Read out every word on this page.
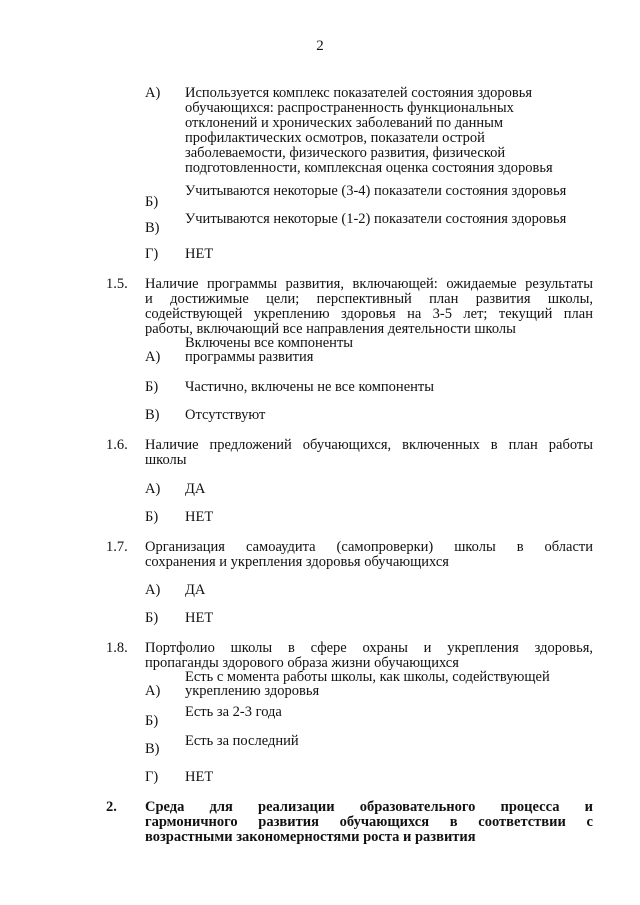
2
А) Используется комплекс показателей состояния здоровья
обучающихся: распространенность функциональных
отклонений и хронических заболеваний по данным
профилактических осмотров, показатели острой
заболеваемости, физического развития, физической
подготовленности, комплексная оценка состояния здоровья
Б)
Учитываются некоторые (3-4) показатели состояния здоровья
В)
Учитываются некоторые (1-2) показатели состояния здоровья
Г) НЕТ
1.5. Наличие программы развития, включающей: ожидаемые результаты
и достижимые цели; перспективный план развития школы,
содействующей укреплению здоровья на 3-5 лет; текущий план
работы, включающий все направления деятельности школы
Включены все компоненты
А) программы развития
Б) Частично, включены не все компоненты
В) Отсутствуют
1.6. Наличие предложений обучающихся, включенных в план работы
школы
А) ДА
Б) НЕТ
1.7. Организация самоаудита (самопроверки) школы в области
сохранения и укрепления здоровья обучающихся
А) ДА
Б) НЕТ
1.8. Портфолио школы в сфере охраны и укрепления здоровья,
пропаганды здорового образа жизни обучающихся
Есть с момента работы школы, как школы, содействующей
А) укреплению здоровья
Б)
Есть за 2-3 года
В) Есть за последний
Г) НЕТ
2. Среда для реализации образовательного процесса и
гармоничного развития обучающихся в соответствии с
возрастными закономерностями роста и развития
